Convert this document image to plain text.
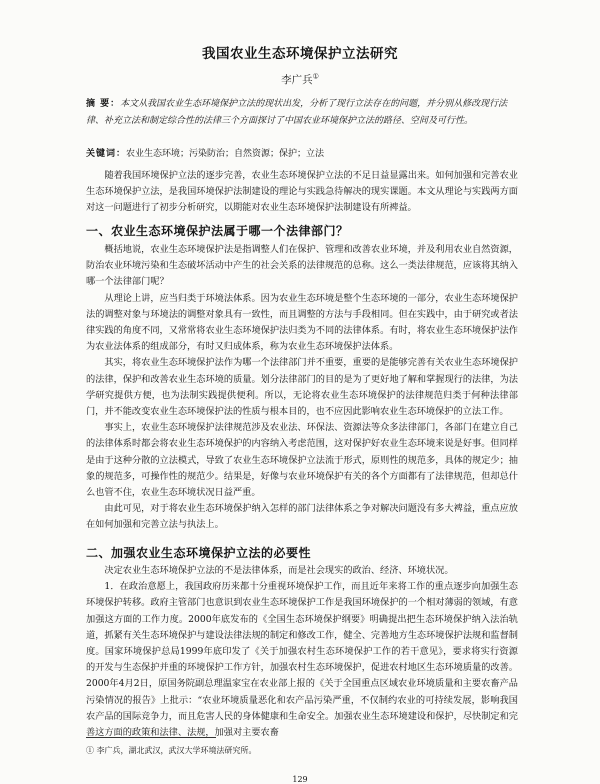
我国农业生态环境保护立法研究
李广兵①
摘 要：本文从我国农业生态环境保护立法的现状出发，分析了现行立法存在的问题，并分别从修改现行法律、补充立法和制定综合性的法律三个方面探讨了中国农业环境保护立法的路径、空间及可行性。
关键词：农业生态环境；污染防治；自然资源；保护；立法

随着我国环境保护立法的逐步完善，农业生态环境保护立法的不足日益显露出来。如何加强和完善农业生态环境保护立法，是我国环境保护法制建设的理论与实践急待解决的现实课题。本文从理论与实践两方面对这一问题进行了初步分析研究，以期能对农业生态环境保护法制建设有所裨益。

一、农业生态环境保护法属于哪一个法律部门？

概括地说，农业生态环境保护法是指调整人们在保护、管理和改善农业环境，并及利用农业自然资源，防治农业环境污染和生态破坏活动中产生的社会关系的法律规范的总称。这么一类法律规范，应该将其纳入哪一个法律部门呢？

从理论上讲，应当归类于环境法体系。因为农业生态环境是整个生态环境的一部分，农业生态环境保护法的调整对象与环境法的调整对象具有一致性，而且调整的方法与手段相同。但在实践中，由于研究或者法律实践的角度不同，又常常将农业生态环境保护法归类为不同的法律体系。有时，将农业生态环境保护法作为农业法体系的组成部分，有时又归成体系，称为农业生态环境保护法体系。

其实，将农业生态环境保护法作为哪一个法律部门并不重要，重要的是能够完善有关农业生态环境保护的法律，保护和改善农业生态环境的质量。划分法律部门的目的是为了更好地了解和掌握现行的法律，为法学研究提供方便，也为法制实践提供便利。所以，无论将农业生态环境保护的法律规范归类于何种法律部门，并不能改变农业生态环境保护法的性质与根本目的，也不应因此影响农业生态环境保护的立法工作。

事实上，农业生态环境保护法律规范涉及农业法、环保法、资源法等众多法律部门，各部门在建立自己的法律体系时都会将农业生态环境保护的内容纳入考虑范围，这对保护好农业生态环境来说是好事。但同样是由于这种分散的立法模式，导致了农业生态环境保护立法流于形式，原则性的规范多，具体的规定少；抽象的规范多，可操作性的规范少。结果是，好像与农业环境保护有关的各个方面都有了法律规范，但却总什么也管不住，农业生态环境状况日益严重。

由此可见，对于将农业生态环境保护纳入怎样的部门法律体系之争对解决问题没有多大裨益，重点应放在如何加强和完善立法与执法上。

二、加强农业生态环境保护立法的必要性

决定农业生态环境保护立法的不是法律体系，而是社会现实的政治、经济、环境状况。

1．在政治意愿上，我国政府历来都十分重视环境保护工作，而且近年来将工作的重点逐步向加强生态环境保护转移。政府主管部门也意识到农业生态环境保护工作是我国环境保护的一个相对薄弱的领域，有意加强这方面的工作力度。2000年底发布的《全国生态环境保护纲要》明确提出把生态环境保护纳入法治轨道，抓紧有关生态环境保护与建设法律法规的制定和修改工作，健全、完善地方生态环境保护法规和监督制度。国家环境保护总局1999年底印发了《关于加强农村生态环境保护工作的若干意见》，要求将实行资源的开发与生态保护并重的环境保护工作方针，加强农村生态环境保护，促进农村地区生态环境质量的改善。2000年4月2日，原国务院副总理温家宝在农业部上报的《关于全国重点区域农业环境质量和主要农畜产品污染情况的报告》上批示：“农业环境质量恶化和农产品污染严重，不仅制约农业的可持续发展，影响我国农产品的国际竞争力，而且危害人民的身体健康和生命安全。加强农业生态环境建设和保护，尽快制定和完善这方面的政策和法律、法规，加强对主要农畜

① 李广兵，湖北武汉，武汉大学环境法研究所。
129
